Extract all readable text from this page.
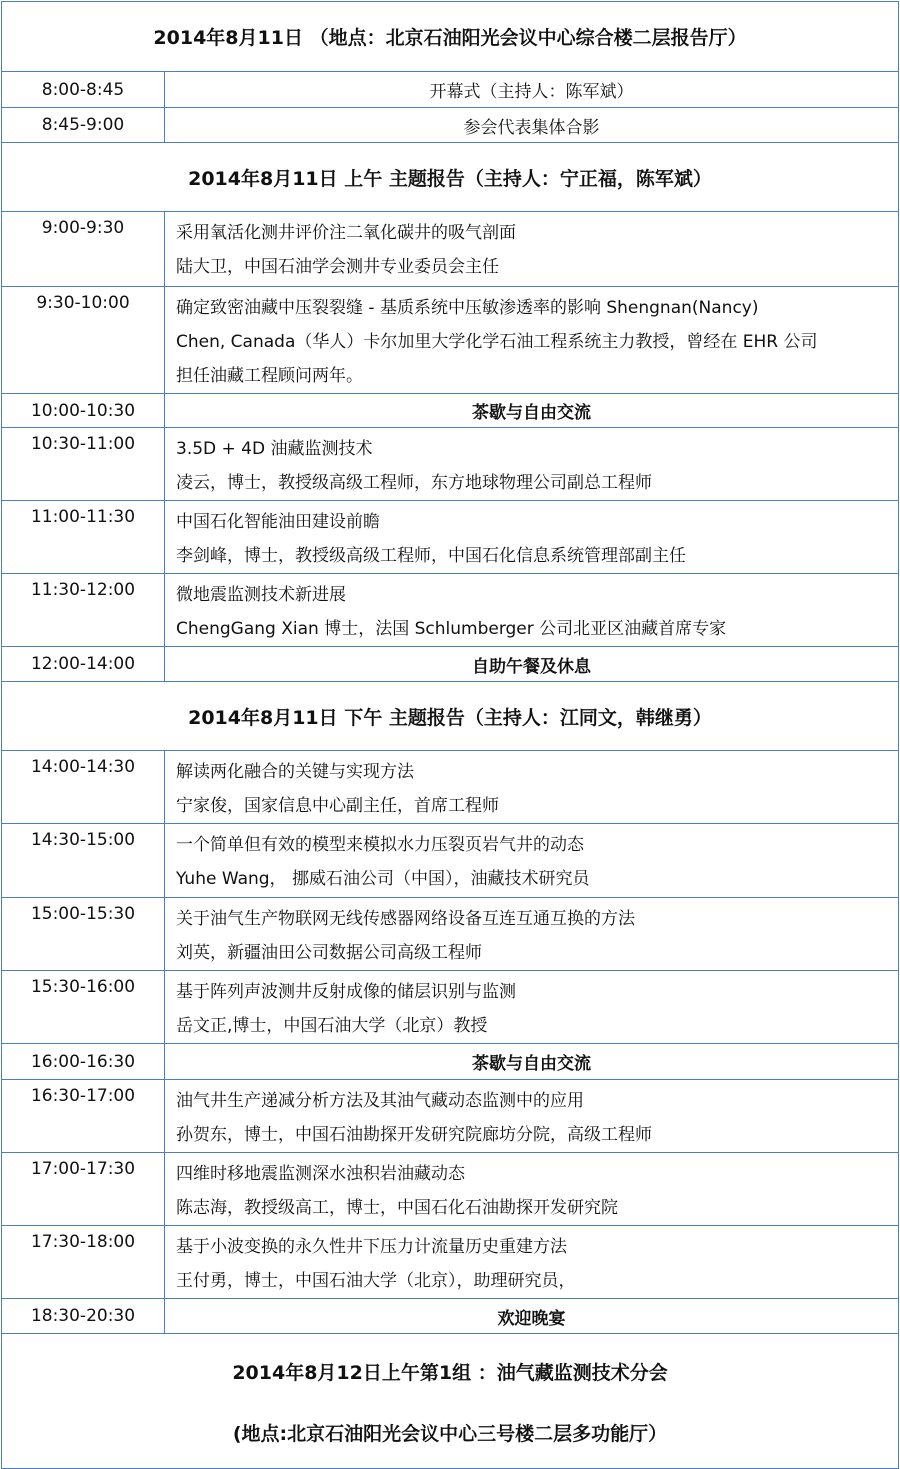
2014年8月11日 （地点：北京石油阳光会议中心综合楼二层报告厅）	
8:00-8:45	开幕式（主持人：陈军斌）
8:45-9:00	参会代表集体合影
2014年8月11日 上午 主题报告（主持人：宁正福，陈军斌）	
9:00-9:30	采用氧活化测井评价注二氧化碳井的吸气剖面
陆大卫，中国石油学会测井专业委员会主任

9:30-10:00	确定致密油藏中压裂裂缝 - 基质系统中压敏渗透率的影响 Shengnan(Nancy)
Chen, Canada（华人）卡尔加里大学化学石油工程系统主力教授，曾经在 EHR 公司
担任油藏工程顾问两年。

10:00-10:30	茶歇与自由交流
10:30-11:00	3.5D + 4D 油藏监测技术
凌云，博士，教授级高级工程师，东方地球物理公司副总工程师

11:00-11:30	中国石化智能油田建设前瞻
李剑峰，博士，教授级高级工程师，中国石化信息系统管理部副主任

11:30-12:00	微地震监测技术新进展
ChengGang Xian 博士，法国 Schlumberger 公司北亚区油藏首席专家

12:00-14:00	自助午餐及休息
2014年8月11日 下午 主题报告（主持人：江同文，韩继勇）	
14:00-14:30	解读两化融合的关键与实现方法
宁家俊，国家信息中心副主任，首席工程师

14:30-15:00	一个简单但有效的模型来模拟水力压裂页岩气井的动态
Yuhe Wang， 挪威石油公司（中国），油藏技术研究员

15:00-15:30	关于油气生产物联网无线传感器网络设备互连互通互换的方法
刘英，新疆油田公司数据公司高级工程师

15:30-16:00	基于阵列声波测井反射成像的储层识别与监测
岳文正,博士，中国石油大学（北京）教授

16:00-16:30	茶歇与自由交流
16:30-17:00	油气井生产递减分析方法及其油气藏动态监测中的应用
孙贺东，博士，中国石油勘探开发研究院廊坊分院，高级工程师

17:00-17:30	四维时移地震监测深水浊积岩油藏动态
陈志海，教授级高工，博士，中国石化石油勘探开发研究院

17:30-18:00	基于小波变换的永久性井下压力计流量历史重建方法
王付勇，博士，中国石油大学（北京），助理研究员，

18:30-20:30	欢迎晚宴

2014年8月12日上午第1组 ：油气藏监测技术分会
(地点:北京石油阳光会议中心三号楼二层多功能厅）	
